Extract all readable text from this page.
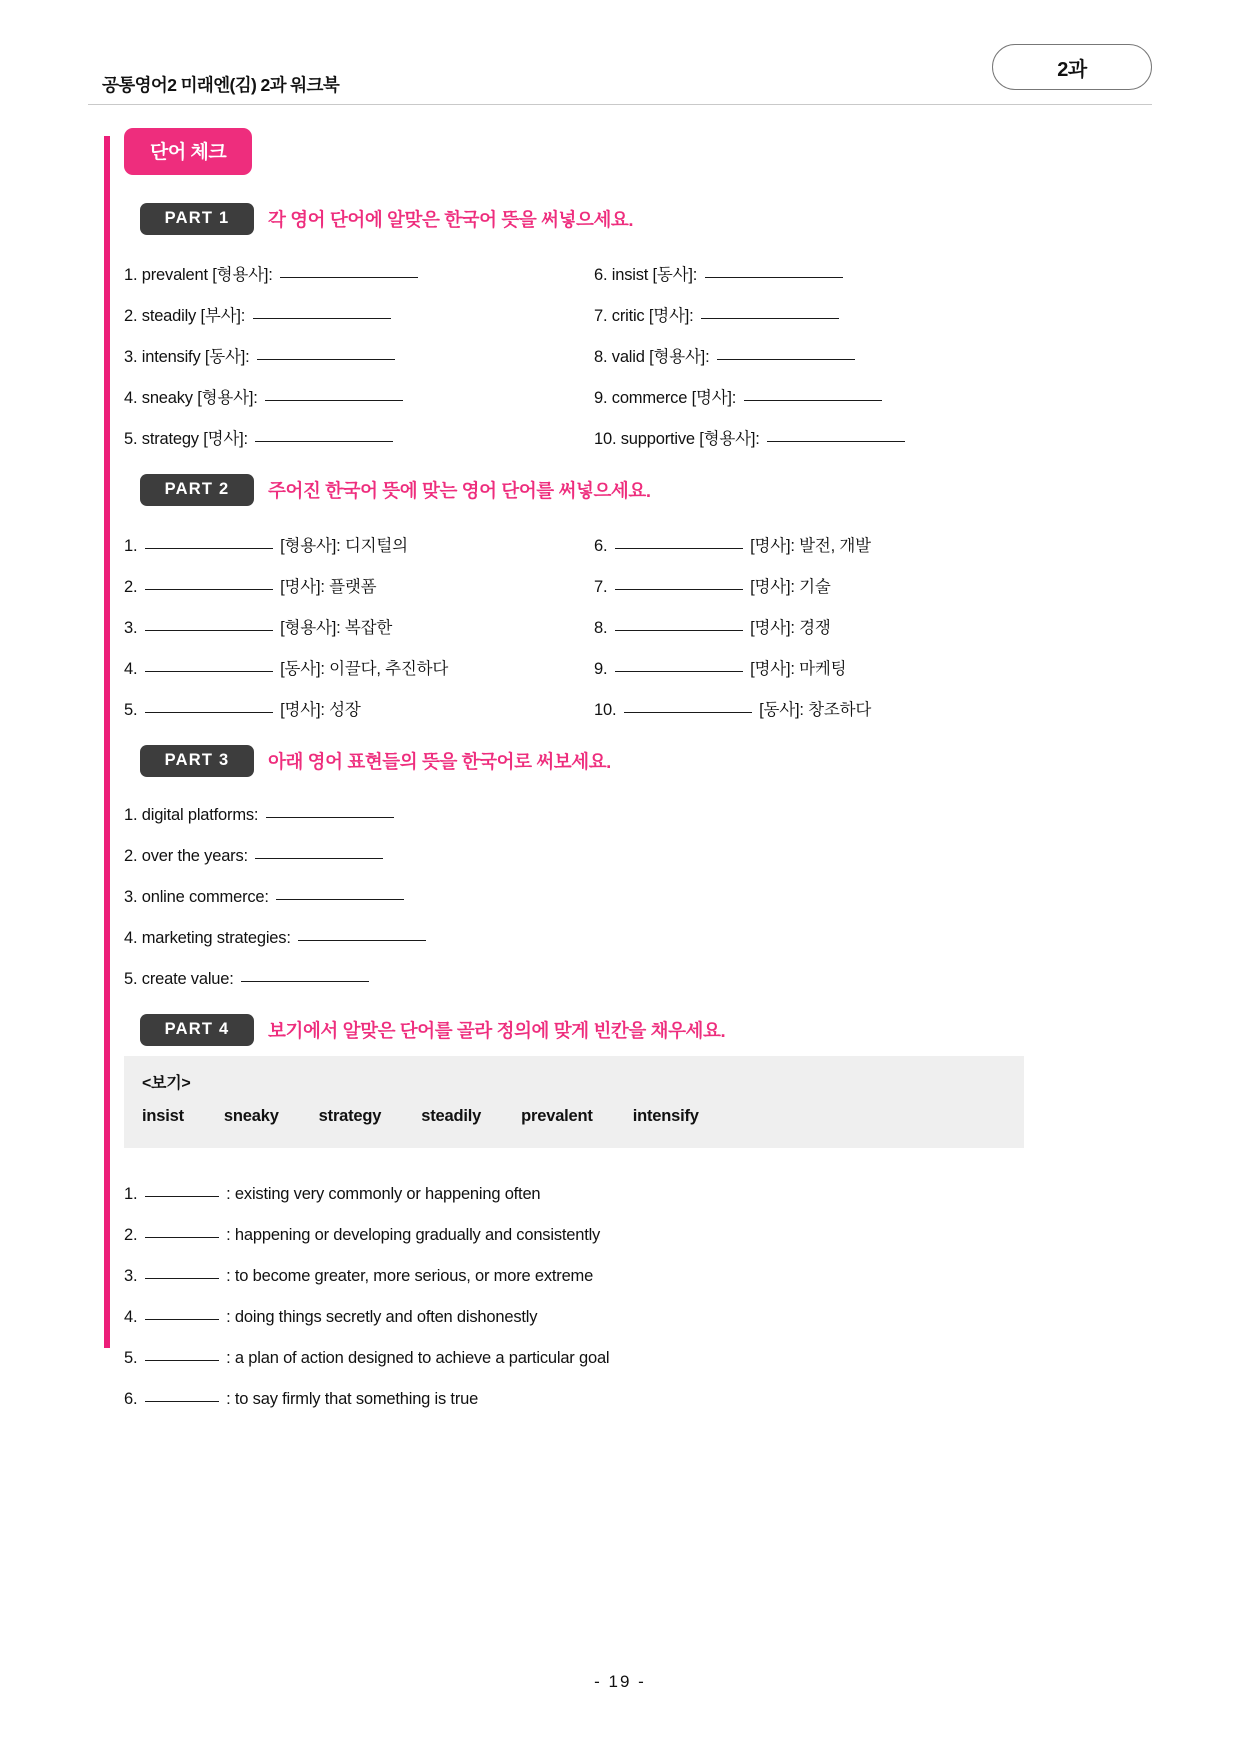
2과
공통영어2 미래엔(김) 2과 워크북
단어 체크
PART 1	각 영어 단어에 알맞은 한국어 뜻을 써넣으세요.
1. prevalent [형용사]:	6. insist [동사]:
2. steadily [부사]:	7. critic [명사]:
3. intensify [동사]:	8. valid [형용사]:
4. sneaky [형용사]:	9. commerce [명사]:
5. strategy [명사]:	10. supportive [형용사]:
PART 2	주어진 한국어 뜻에 맞는 영어 단어를 써넣으세요.
1.	[형용사]: 디지털의	6.	[명사]: 발전, 개발
2.	[명사]: 플랫폼	7.	[명사]: 기술
3.	[형용사]: 복잡한	8.	[명사]: 경쟁
4.	[동사]: 이끌다, 추진하다	9.	[명사]: 마케팅
5.	[명사]: 성장	10.	[동사]: 창조하다
PART 3	아래 영어 표현들의 뜻을 한국어로 써보세요.
1. digital platforms:
2. over the years:
3. online commerce:
4. marketing strategies:
5. create value:
PART 4	보기에서 알맞은 단어를 골라 정의에 맞게 빈칸을 채우세요.
<보기>
insist sneaky strategy steadily prevalent intensify
1.	: existing very commonly or happening often
2.	: happening or developing gradually and consistently
3.	: to become greater, more serious, or more extreme
4.	: doing things secretly and often dishonestly
5.	: a plan of action designed to achieve a particular goal
6.	: to say firmly that something is true
- 19 -
